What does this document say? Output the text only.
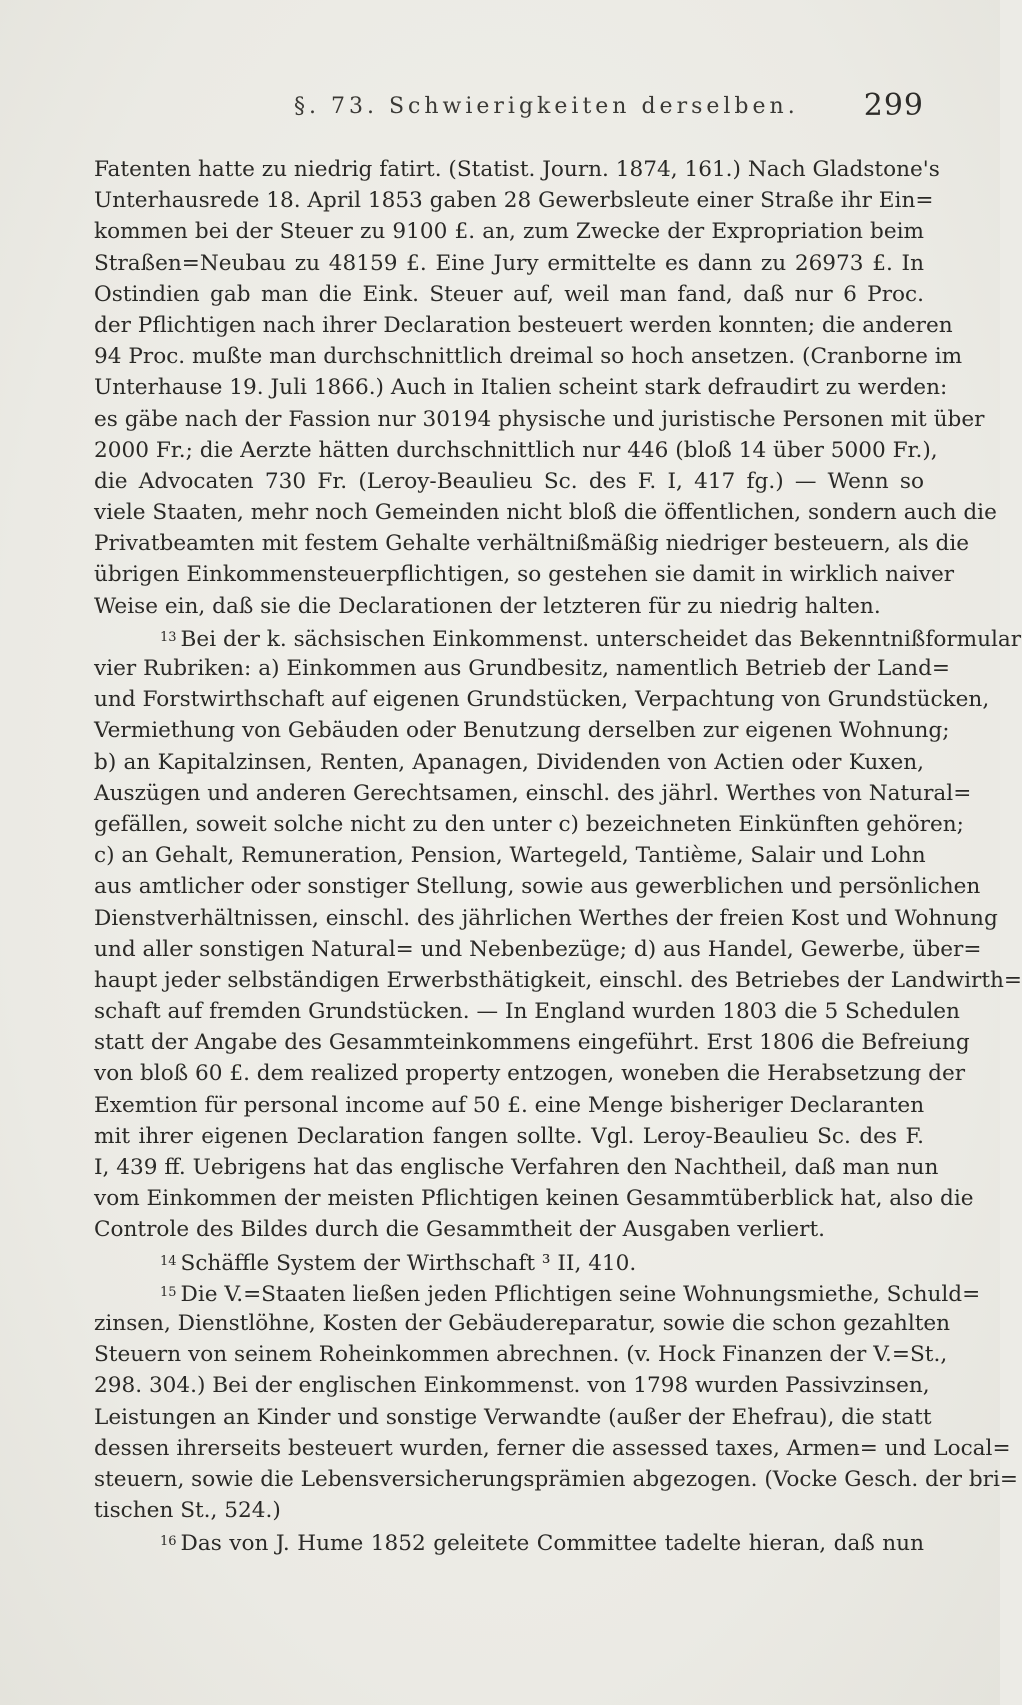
§. 73. Schwierigkeiten derselben. 299
Fatenten hatte zu niedrig fatirt. (Statist. Journ. 1874, 161.) Nach Gladstone's
Unterhausrede 18. April 1853 gaben 28 Gewerbsleute einer Straße ihr Ein=
kommen bei der Steuer zu 9100 £. an, zum Zwecke der Expropriation beim
Straßen=Neubau zu 48159 £. Eine Jury ermittelte es dann zu 26973 £. In
Ostindien gab man die Eink. Steuer auf, weil man fand, daß nur 6 Proc.
der Pflichtigen nach ihrer Declaration besteuert werden konnten; die anderen
94 Proc. mußte man durchschnittlich dreimal so hoch ansetzen. (Cranborne im
Unterhause 19. Juli 1866.) Auch in Italien scheint stark defraudirt zu werden:
es gäbe nach der Fassion nur 30194 physische und juristische Personen mit über
2000 Fr.; die Aerzte hätten durchschnittlich nur 446 (bloß 14 über 5000 Fr.),
die Advocaten 730 Fr. (Leroy-Beaulieu Sc. des F. I, 417 fg.) — Wenn so
viele Staaten, mehr noch Gemeinden nicht bloß die öffentlichen, sondern auch die
Privatbeamten mit festem Gehalte verhältnißmäßig niedriger besteuern, als die
übrigen Einkommensteuerpflichtigen, so gestehen sie damit in wirklich naiver
Weise ein, daß sie die Declarationen der letzteren für zu niedrig halten.
$^{13}$ Bei der k. sächsischen Einkommenst. unterscheidet das Bekenntnißformular
vier Rubriken: a) Einkommen aus Grundbesitz, namentlich Betrieb der Land=
und Forstwirthschaft auf eigenen Grundstücken, Verpachtung von Grundstücken,
Vermiethung von Gebäuden oder Benutzung derselben zur eigenen Wohnung;
b) an Kapitalzinsen, Renten, Apanagen, Dividenden von Actien oder Kuxen,
Auszügen und anderen Gerechtsamen, einschl. des jährl. Werthes von Natural=
gefällen, soweit solche nicht zu den unter c) bezeichneten Einkünften gehören;
c) an Gehalt, Remuneration, Pension, Wartegeld, Tantième, Salair und Lohn
aus amtlicher oder sonstiger Stellung, sowie aus gewerblichen und persönlichen
Dienstverhältnissen, einschl. des jährlichen Werthes der freien Kost und Wohnung
und aller sonstigen Natural= und Nebenbezüge; d) aus Handel, Gewerbe, über=
haupt jeder selbständigen Erwerbsthätigkeit, einschl. des Betriebes der Landwirth=
schaft auf fremden Grundstücken. — In England wurden 1803 die 5 Schedulen
statt der Angabe des Gesammteinkommens eingeführt. Erst 1806 die Befreiung
von bloß 60 £. dem realized property entzogen, woneben die Herabsetzung der
Exemtion für personal income auf 50 £. eine Menge bisheriger Declaranten
mit ihrer eigenen Declaration fangen sollte. Vgl. Leroy-Beaulieu Sc. des F.
I, 439 ff. Uebrigens hat das englische Verfahren den Nachtheil, daß man nun
vom Einkommen der meisten Pflichtigen keinen Gesammtüberblick hat, also die
Controle des Bildes durch die Gesammtheit der Ausgaben verliert.
$^{14}$ Schäffle System der Wirthschaft ³ II, 410.
$^{15}$ Die V.=Staaten ließen jeden Pflichtigen seine Wohnungsmiethe, Schuld=
zinsen, Dienstlöhne, Kosten der Gebäudereparatur, sowie die schon gezahlten
Steuern von seinem Roheinkommen abrechnen. (v. Hock Finanzen der V.=St.,
298. 304.) Bei der englischen Einkommenst. von 1798 wurden Passivzinsen,
Leistungen an Kinder und sonstige Verwandte (außer der Ehefrau), die statt
dessen ihrerseits besteuert wurden, ferner die assessed taxes, Armen= und Local=
steuern, sowie die Lebensversicherungsprämien abgezogen. (Vocke Gesch. der bri=
tischen St., 524.)
$^{16}$ Das von J. Hume 1852 geleitete Committee tadelte hieran, daß nun
